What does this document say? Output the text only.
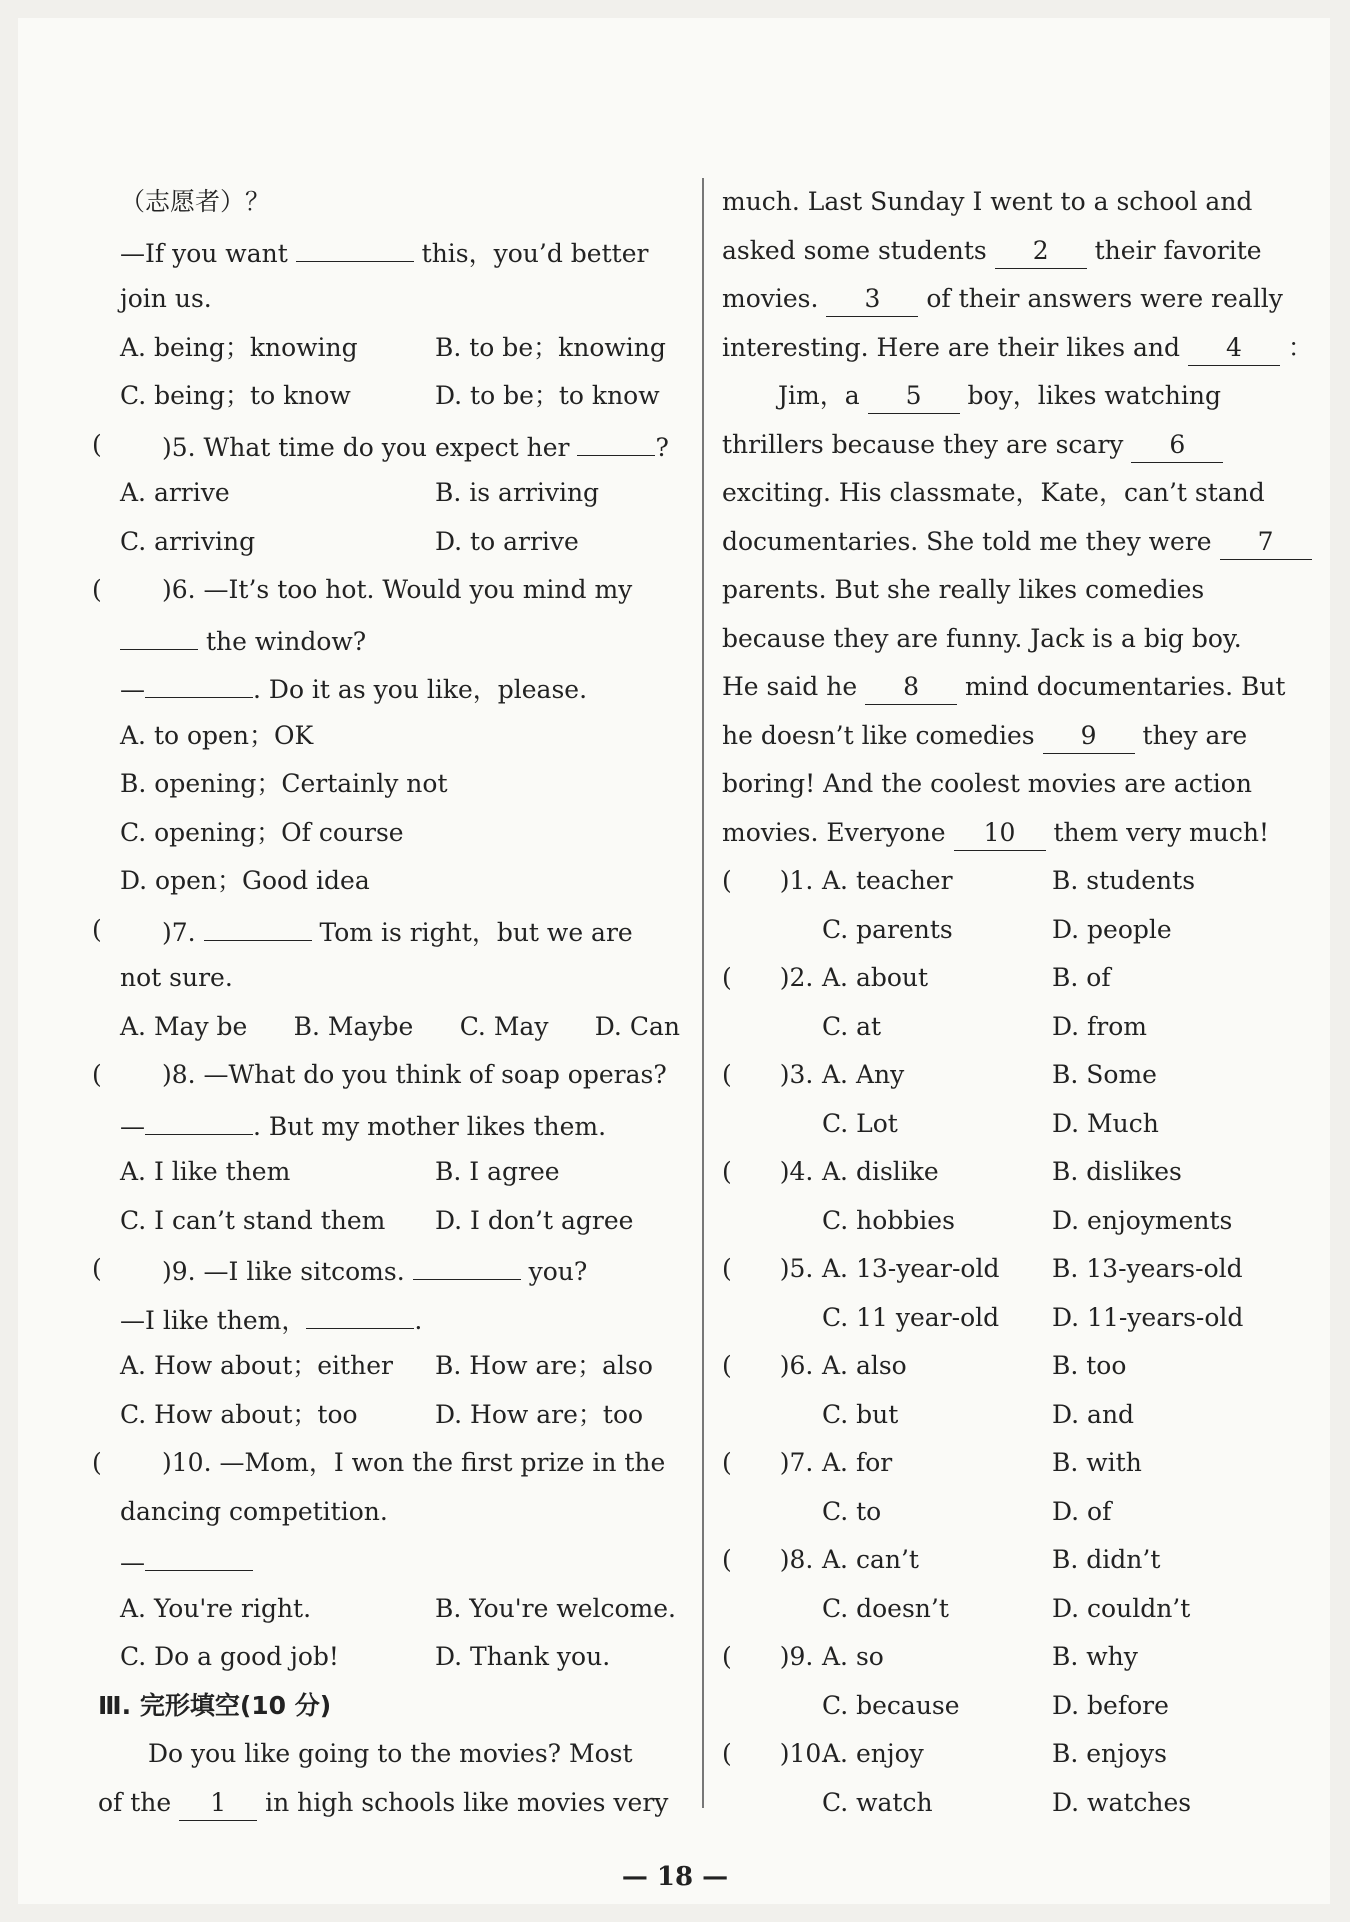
（志愿者）？
—If you want	this，you’d better
join us.
A. being；knowing	B. to be；knowing
C. being；to know	D. to be；to know
( )5. What time do you expect her	?
A. arrive	B. is arriving
C. arriving	D. to arrive
( )6. —It’s too hot. Would you mind my
the window?
—	. Do it as you like，please.
A. to open；OK
B. opening；Certainly not
C. opening；Of course
D. open；Good idea
( )7.	Tom is right，but we are
not sure.
A. May be B. Maybe C. May D. Can
( )8. —What do you think of soap operas?
—	. But my mother likes them.
A. I like them	B. I agree
C. I can’t stand them	D. I don’t agree
( )9. —I like sitcoms.	you?
—I like them，	.
A. How about；either	B. How are；also
C. How about；too	D. How are；too
( )10. —Mom，I won the first prize in the
dancing competition.
—
A. You're right.	B. You're welcome.
C. Do a good job!	D. Thank you.
Ⅲ. 完形填空(10 分)
Do you like going to the movies? Most
of the 1 in high schools like movies very
much. Last Sunday I went to a school and
asked some students 2 their favorite
movies. 3 of their answers were really
interesting. Here are their likes and 4 ：
Jim，a 5 boy，likes watching
thrillers because they are scary 6
exciting. His classmate，Kate，can’t stand
documentaries. She told me they were 7
parents. But she really likes comedies
because they are funny. Jack is a big boy.
He said he 8 mind documentaries. But
he doesn’t like comedies 9 they are
boring! And the coolest movies are action
movies. Everyone 10 them very much!
( )1. A. teacher	B. students
C. parents	D. people
( )2. A. about	B. of
C. at	D. from
( )3. A. Any	B. Some
C. Lot	D. Much
( )4. A. dislike	B. dislikes
C. hobbies	D. enjoyments
( )5. A. 13-year-old	B. 13-years-old
C. 11 year-old	D. 11-years-old
( )6. A. also	B. too
C. but	D. and
( )7. A. for	B. with
C. to	D. of
( )8. A. can’t	B. didn’t
C. doesn’t	D. couldn’t
( )9. A. so	B. why
C. because	D. before
( )10.
A. enjoy	B. enjoys
C. watch	D. watches
— 18 —
